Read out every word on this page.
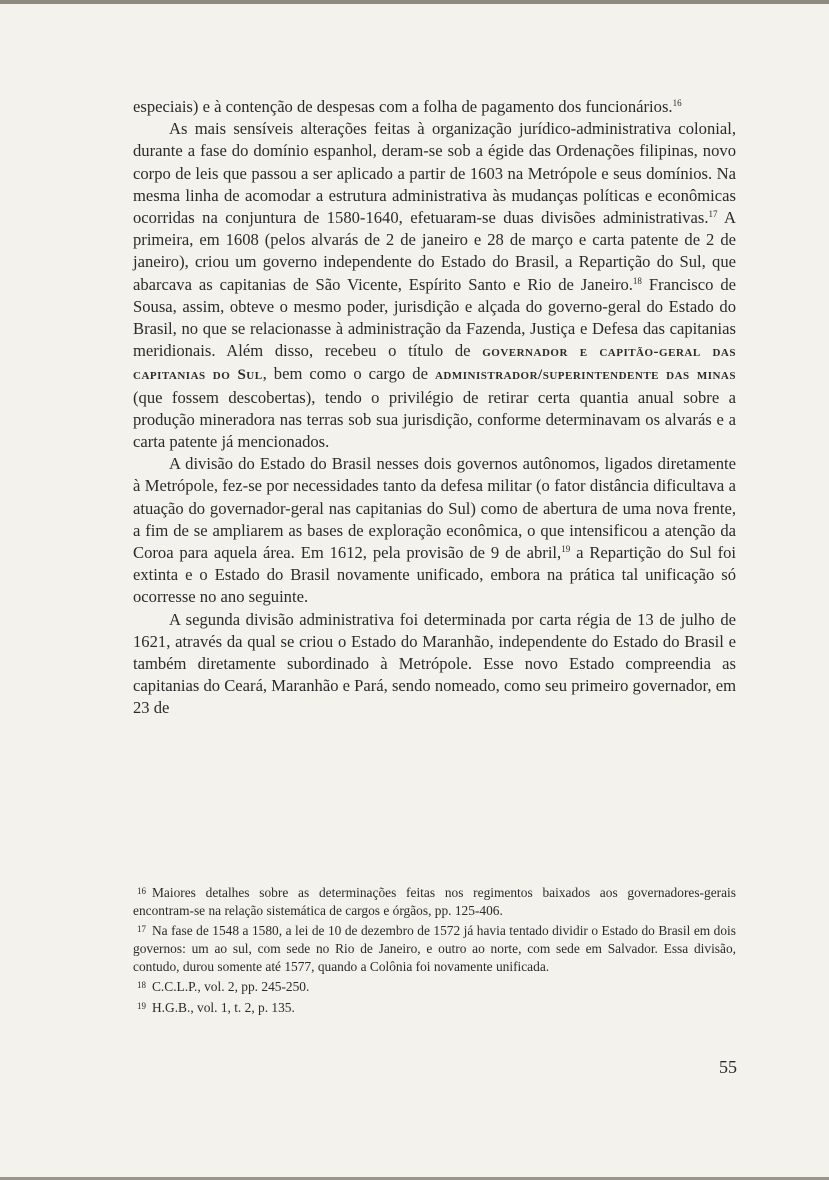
especiais) e à contenção de despesas com a folha de pagamento dos funcionários.$^{16}$

As mais sensíveis alterações feitas à organização jurídico-administrativa colonial, durante a fase do domínio espanhol, deram-se sob a égide das Ordenações filipinas, novo corpo de leis que passou a ser aplicado a partir de 1603 na Metrópole e seus domínios. Na mesma linha de acomodar a estrutura administrativa às mudanças políticas e econômicas ocorridas na conjuntura de 1580-1640, efetuaram-se duas divisões administrativas.$^{17}$ A primeira, em 1608 (pelos alvarás de 2 de janeiro e 28 de março e carta patente de 2 de janeiro), criou um governo independente do Estado do Brasil, a Repartição do Sul, que abarcava as capitanias de São Vicente, Espírito Santo e Rio de Janeiro.$^{18}$ Francisco de Sousa, assim, obteve o mesmo poder, jurisdição e alçada do governo-geral do Estado do Brasil, no que se relacionasse à administração da Fazenda, Justiça e Defesa das capitanias meridionais. Além disso, recebeu o título de governador e capitão-geral das capitanias do Sul, bem como o cargo de administrador/superintendente das minas (que fossem descobertas), tendo o privilégio de retirar certa quantia anual sobre a produção mineradora nas terras sob sua jurisdição, conforme determinavam os alvarás e a carta patente já mencionados.

A divisão do Estado do Brasil nesses dois governos autônomos, ligados diretamente à Metrópole, fez-se por necessidades tanto da defesa militar (o fator distância dificultava a atuação do governador-geral nas capitanias do Sul) como de abertura de uma nova frente, a fim de se ampliarem as bases de exploração econômica, o que intensificou a atenção da Coroa para aquela área. Em 1612, pela provisão de 9 de abril,$^{19}$ a Repartição do Sul foi extinta e o Estado do Brasil novamente unificado, embora na prática tal unificação só ocorresse no ano seguinte.

A segunda divisão administrativa foi determinada por carta régia de 13 de julho de 1621, através da qual se criou o Estado do Maranhão, independente do Estado do Brasil e também diretamente subordinado à Metrópole. Esse novo Estado compreendia as capitanias do Ceará, Maranhão e Pará, sendo nomeado, como seu primeiro governador, em 23 de

$^{16}$ Maiores detalhes sobre as determinações feitas nos regimentos baixados aos governadores-gerais encontram-se na relação sistemática de cargos e órgãos, pp. 125-406.

$^{17}$ Na fase de 1548 a 1580, a lei de 10 de dezembro de 1572 já havia tentado dividir o Estado do Brasil em dois governos: um ao sul, com sede no Rio de Janeiro, e outro ao norte, com sede em Salvador. Essa divisão, contudo, durou somente até 1577, quando a Colônia foi novamente unificada.

$^{18}$ C.C.L.P., vol. 2, pp. 245-250.

$^{19}$ H.G.B., vol. 1, t. 2, p. 135.

55
